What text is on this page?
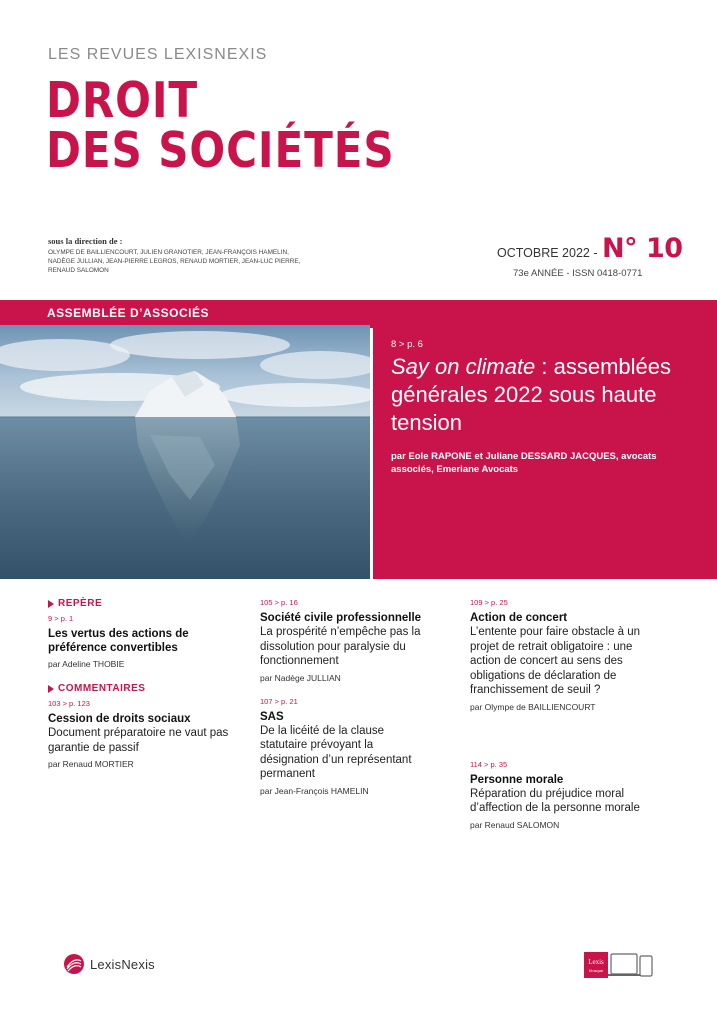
LES REVUES LEXISNEXIS
DROIT
DES SOCIÉTÉS
sous la direction de :
OLYMPE DE BAILLIENCOURT, JULIEN GRANOTIER, JEAN-FRANÇOIS HAMELIN, NADÈGE JULLIAN, JEAN-PIERRE LEGROS, RENAUD MORTIER, JEAN-LUC PIERRE, RENAUD SALOMON
OCTOBRE 2022 - N° 10
73e ANNÉE - ISSN 0418-0771
ASSEMBLÉE D’ASSOCIÉS
8 > p. 6
Say on climate : assemblées générales 2022 sous haute tension
par Eole RAPONE et Juliane DESSARD JACQUES, avocats associés, Emeriane Avocats
REPÈRE
9 > p. 1
Les vertus des actions de préférence convertibles
par Adeline THOBIE
COMMENTAIRES
103 > p. 123
Cession de droits sociaux
Document préparatoire ne vaut pas garantie de passif
par Renaud MORTIER
105 > p. 16
Société civile professionnelle
La prospérité n’empêche pas la dissolution pour paralysie du fonctionnement
par Nadège JULLIAN
107 > p. 21
SAS
De la licéité de la clause statutaire prévoyant la désignation d’un représentant permanent
par Jean-François HAMELIN
109 > p. 25
Action de concert
L’entente pour faire obstacle à un projet de retrait obligatoire : une action de concert au sens des obligations de déclaration de franchissement de seuil ?
par Olympe de BAILLIENCOURT
114 > p. 35
Personne morale
Réparation du préjudice moral d’affection de la personne morale
par Renaud SALOMON
LexisNexis	Lexis
Kiosque
